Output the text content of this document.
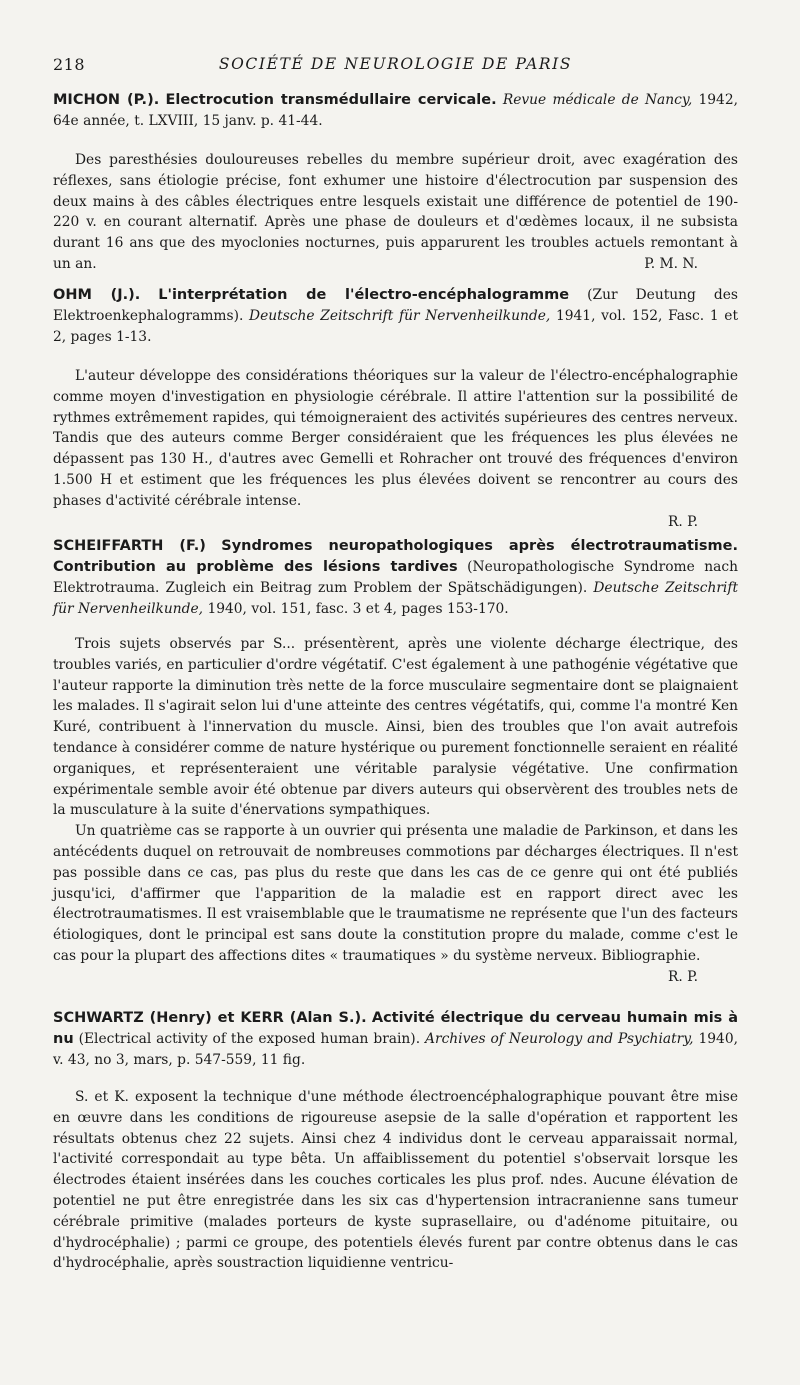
218	SOCIÉTÉ DE NEUROLOGIE DE PARIS

MICHON (P.). Electrocution transmédullaire cervicale. Revue médicale de Nancy, 1942, 64e année, t. LXVIII, 15 janv. p. 41-44.

Des paresthésies douloureuses rebelles du membre supérieur droit, avec exagération des réflexes, sans étiologie précise, font exhumer une histoire d'électrocution par suspension des deux mains à des câbles électriques entre lesquels existait une différence de potentiel de 190-220 v. en courant alternatif. Après une phase de douleurs et d'œdèmes locaux, il ne subsista durant 16 ans que des myoclonies nocturnes, puis apparurent les troubles actuels remontant à un an.	P. M. N.

OHM (J.). L'interprétation de l'électro-encéphalogramme (Zur Deutung des Elektroenkephalogramms). Deutsche Zeitschrift für Nervenheilkunde, 1941, vol. 152, Fasc. 1 et 2, pages 1-13.

L'auteur développe des considérations théoriques sur la valeur de l'électro-encéphalographie comme moyen d'investigation en physiologie cérébrale. Il attire l'attention sur la possibilité de rythmes extrêmement rapides, qui témoigneraient des activités supérieures des centres nerveux. Tandis que des auteurs comme Berger considéraient que les fréquences les plus élevées ne dépassent pas 130 H., d'autres avec Gemelli et Rohracher ont trouvé des fréquences d'environ 1.500 H et estiment que les fréquences les plus élevées doivent se rencontrer au cours des phases d'activité cérébrale intense.

R. P.

SCHEIFFARTH (F.) Syndromes neuropathologiques après électrotraumatisme. Contribution au problème des lésions tardives (Neuropathologische Syndrome nach Elektrotrauma. Zugleich ein Beitrag zum Problem der Spätschädigungen). Deutsche Zeitschrift für Nervenheilkunde, 1940, vol. 151, fasc. 3 et 4, pages 153-170.

Trois sujets observés par S... présentèrent, après une violente décharge électrique, des troubles variés, en particulier d'ordre végétatif. C'est également à une pathogénie végétative que l'auteur rapporte la diminution très nette de la force musculaire segmentaire dont se plaignaient les malades. Il s'agirait selon lui d'une atteinte des centres végétatifs, qui, comme l'a montré Ken Kuré, contribuent à l'innervation du muscle. Ainsi, bien des troubles que l'on avait autrefois tendance à considérer comme de nature hystérique ou purement fonctionnelle seraient en réalité organiques, et représenteraient une véritable paralysie végétative. Une confirmation expérimentale semble avoir été obtenue par divers auteurs qui observèrent des troubles nets de la musculature à la suite d'énervations sympathiques.

Un quatrième cas se rapporte à un ouvrier qui présenta une maladie de Parkinson, et dans les antécédents duquel on retrouvait de nombreuses commotions par décharges électriques. Il n'est pas possible dans ce cas, pas plus du reste que dans les cas de ce genre qui ont été publiés jusqu'ici, d'affirmer que l'apparition de la maladie est en rapport direct avec les électrotraumatismes. Il est vraisemblable que le traumatisme ne représente que l'un des facteurs étiologiques, dont le principal est sans doute la constitution propre du malade, comme c'est le cas pour la plupart des affections dites « traumatiques » du système nerveux. Bibliographie.
R. P.

SCHWARTZ (Henry) et KERR (Alan S.). Activité électrique du cerveau humain mis à nu (Electrical activity of the exposed human brain). Archives of Neurology and Psychiatry, 1940, v. 43, no 3, mars, p. 547-559, 11 fig.

S. et K. exposent la technique d'une méthode électroencéphalographique pouvant être mise en œuvre dans les conditions de rigoureuse asepsie de la salle d'opération et rapportent les résultats obtenus chez 22 sujets. Ainsi chez 4 individus dont le cerveau apparaissait normal, l'activité correspondait au type bêta. Un affaiblissement du potentiel s'observait lorsque les électrodes étaient insérées dans les couches corticales les plus prof. ndes. Aucune élévation de potentiel ne put être enregistrée dans les six cas d'hypertension intracranienne sans tumeur cérébrale primitive (malades porteurs de kyste suprasellaire, ou d'adénome pituitaire, ou d'hydrocéphalie) ; parmi ce groupe, des potentiels élevés furent par contre obtenus dans le cas d'hydrocéphalie, après soustraction liquidienne ventricu-
